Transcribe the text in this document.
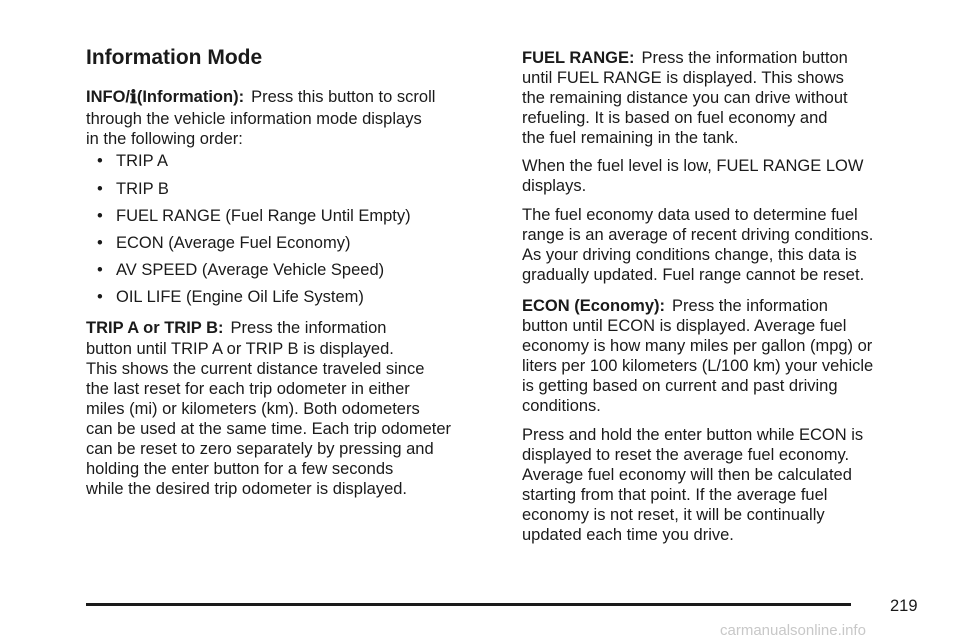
Information Mode

INFO/ℹ(Information): Press this button to scroll

through the vehicle information mode displays

in the following order:

• TRIP A

• TRIP B

• FUEL RANGE (Fuel Range Until Empty)

• ECON (Average Fuel Economy)

• AV SPEED (Average Vehicle Speed)

• OIL LIFE (Engine Oil Life System)

TRIP A or TRIP B: Press the information

button until TRIP A or TRIP B is displayed.

This shows the current distance traveled since

the last reset for each trip odometer in either

miles (mi) or kilometers (km). Both odometers

can be used at the same time. Each trip odometer

can be reset to zero separately by pressing and

holding the enter button for a few seconds

while the desired trip odometer is displayed.

FUEL RANGE: Press the information button

until FUEL RANGE is displayed. This shows

the remaining distance you can drive without

refueling. It is based on fuel economy and

the fuel remaining in the tank.

When the fuel level is low, FUEL RANGE LOW

displays.

The fuel economy data used to determine fuel

range is an average of recent driving conditions.

As your driving conditions change, this data is

gradually updated. Fuel range cannot be reset.

ECON (Economy): Press the information

button until ECON is displayed. Average fuel

economy is how many miles per gallon (mpg) or

liters per 100 kilometers (L/100 km) your vehicle

is getting based on current and past driving

conditions.

Press and hold the enter button while ECON is

displayed to reset the average fuel economy.

Average fuel economy will then be calculated

starting from that point. If the average fuel

economy is not reset, it will be continually

updated each time you drive.

219
carmanualsonline.info
